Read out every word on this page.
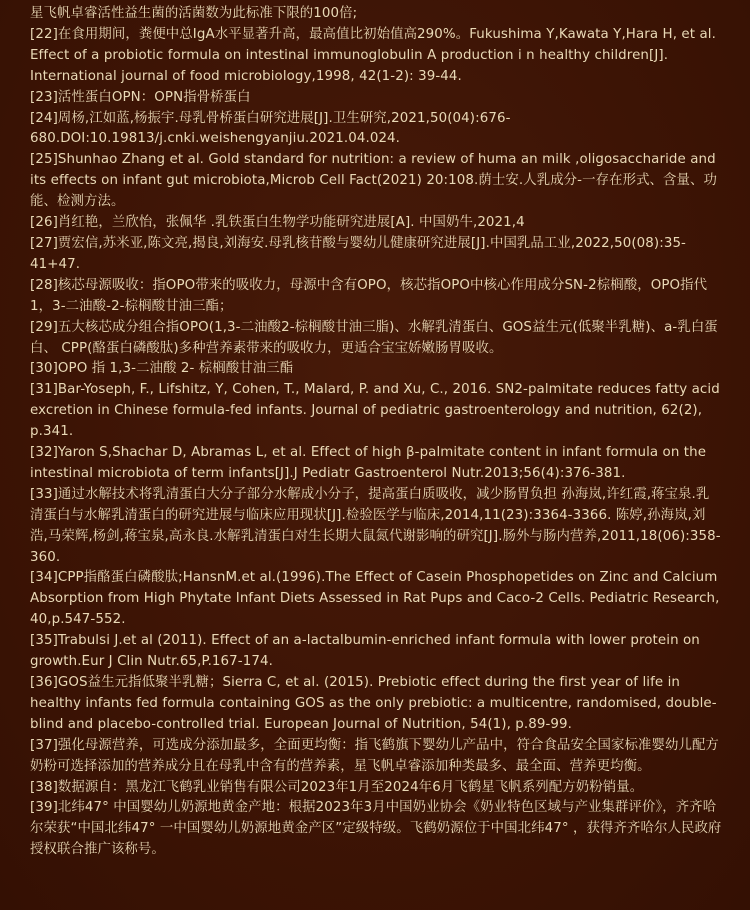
星飞帆卓睿活性益生菌的活菌数为此标准下限的100倍;

[22]在食用期间，粪便中总IgA水平显著升高，最高值比初始值高290%。Fukushima Y,Kawata Y,Hara H, et al. Effect of a probiotic formula on intestinal immunoglobulin A production i n healthy children[J]. International journal of food microbiology,1998, 42(1-2): 39-44.

[23]活性蛋白OPN：OPN指骨桥蛋白

[24]周杨,江如蓝,杨振宇.母乳骨桥蛋白研究进展[J].卫生研究,2021,50(04):676-680.DOI:10.19813/j.cnki.weishengyanjiu.2021.04.024.

[25]Shunhao Zhang et al. Gold standard for nutrition: a review of huma an milk ,oligosaccharide and its effects on infant gut microbiota,Microb Cell Fact(2021) 20:108.荫士安.人乳成分-一存在形式、含量、功能、检测方法。

[26]肖红艳，兰欣怡，张佩华 .乳铁蛋白生物学功能研究进展[A]. 中国奶牛,2021,4

[27]贾宏信,苏米亚,陈文亮,揭良,刘海安.母乳核苷酸与婴幼儿健康研究进展[J].中国乳品工业,2022,50(08):35-41+47.

[28]核芯母源吸收：指OPO带来的吸收力，母源中含有OPO，核芯指OPO中核心作用成分SN-2棕榈酸，OPO指代1，3-二油酸-2-棕榈酸甘油三酯；

[29]五大核芯成分组合指OPO(1,3-二油酸2-棕榈酸甘油三脂)、水解乳清蛋白、GOS益生元(低聚半乳糖)、a-乳白蛋白、 CPP(酪蛋白磷酸肽)多种营养素带来的吸收力，更适合宝宝娇嫩肠胃吸收。

[30]OPO 指 1,3-二油酸 2- 棕榈酸甘油三酯

[31]Bar-Yoseph, F., Lifshitz, Y, Cohen, T., Malard, P. and Xu, C., 2016. SN2-palmitate reduces fatty acid excretion in Chinese formula-fed infants. Journal of pediatric gastroenterology and nutrition, 62(2), p.341.

[32]Yaron S,Shachar D, Abramas L, et al. Effect of high β-palmitate content in infant formula on the intestinal microbiota of term infants[J].J Pediatr Gastroenterol Nutr.2013;56(4):376-381.

[33]通过水解技术将乳清蛋白大分子部分水解成小分子，提高蛋白质吸收，减少肠胃负担 孙海岚,许红霞,蒋宝泉.乳清蛋白与水解乳清蛋白的研究进展与临床应用现状[J].检验医学与临床,2014,11(23):3364-3366. 陈婷,孙海岚,刘浩,马荣辉,杨剑,蒋宝泉,高永良.水解乳清蛋白对生长期大鼠氮代谢影响的研究[J].肠外与肠内营养,2011,18(06):358-360.

[34]CPP指酪蛋白磷酸肽;HansnM.et al.(1996).The Effect of Casein Phosphopetides on Zinc and Calcium Absorption from High Phytate Infant Diets Assessed in Rat Pups and Caco-2 Cells. Pediatric Research, 40,p.547-552.

[35]Trabulsi J.et al (2011). Effect of an a-lactalbumin-enriched infant formula with lower protein on growth.Eur J Clin Nutr.65,P.167-174.

[36]GOS益生元指低聚半乳糖；Sierra C, et al. (2015). Prebiotic effect during the first year of life in healthy infants fed formula containing GOS as the only prebiotic: a multicentre, randomised, double-blind and placebo-controlled trial. European Journal of Nutrition, 54(1), p.89-99.

[37]强化母源营养，可选成分添加最多，全面更均衡：指飞鹤旗下婴幼儿产品中，符合食品安全国家标准婴幼儿配方奶粉可选择添加的营养成分且在母乳中含有的营养素，星飞帆卓睿添加种类最多、最全面、营养更均衡。

[38]数据源自：黑龙江飞鹤乳业销售有限公司2023年1月至2024年6月飞鹤星飞帆系列配方奶粉销量。

[39]北纬47° 中国婴幼儿奶源地黄金产地：根据2023年3月中国奶业协会《奶业特色区域与产业集群评价》，齐齐哈尔荣获“中国北纬47° 一中国婴幼儿奶源地黄金产区”定级特级。飞鹤奶源位于中国北纬47° ，获得齐齐哈尔人民政府授权联合推广该称号。
